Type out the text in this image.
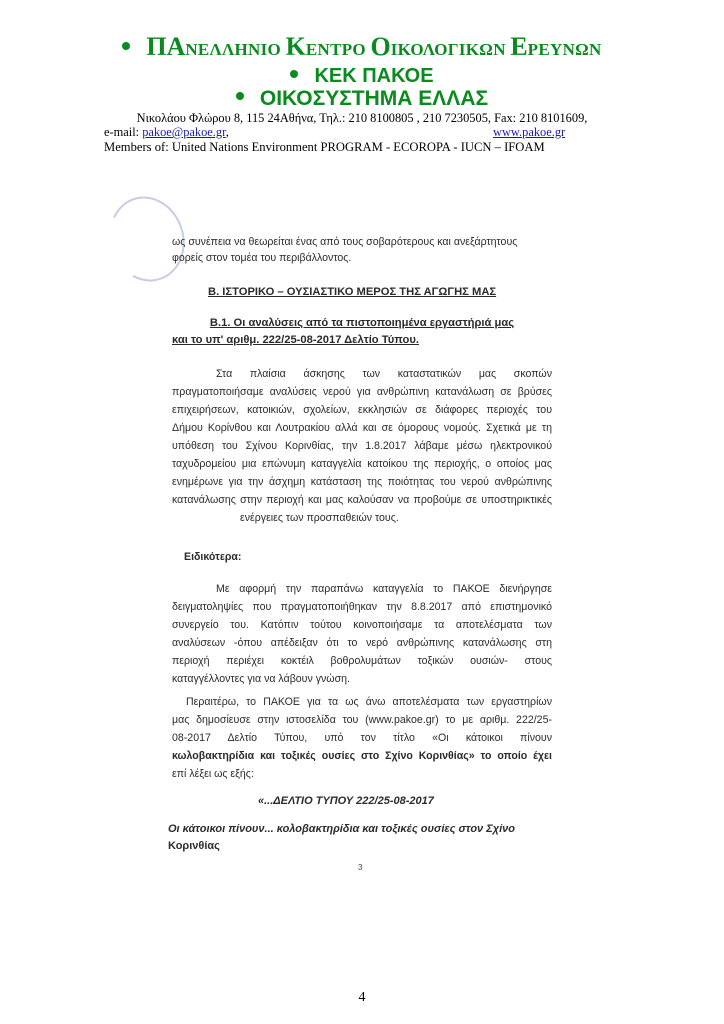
ΠΑΝΕΛΛΗΝΙΟ ΚΕΝΤΡΟ ΟΙΚΟΛΟΓΙΚΩΝ ΕΡΕΥΝΩΝ
ΚΕΚ ΠΑΚΟΕ
ΟΙΚΟΣΥΣΤΗΜΑ ΕΛΛΑΣ
Νικολάου Φλώρου 8, 115 24Αθήνα, Τηλ.: 210 8100805 , 210 7230505, Fax: 210 8101609,
e-mail: pakoe@pakoe.gr,	www.pakoe.gr
Members of: United Nations Environment PROGRAM - ECOROPA - IUCN – IFOAM
ως συνέπεια να θεωρείται ένας από τους σοβαρότερους και ανεξάρτητους
φορείς στον τομέα του περιβάλλοντος.
Β. ΙΣΤΟΡΙΚΟ – ΟΥΣΙΑΣΤΙΚΟ ΜΕΡΟΣ ΤΗΣ ΑΓΩΓΗΣ ΜΑΣ
Β.1. Οι αναλύσεις από τα πιστοποιημένα εργαστήριά μας
και το υπ' αριθμ. 222/25-08-2017 Δελτίο Τύπου.
Στα πλαίσια άσκησης των καταστατικών μας σκοπών
πραγματοποιήσαμε αναλύσεις νερού για ανθρώπινη κατανάλωση σε βρύσες
επιχειρήσεων, κατοικιών, σχολείων, εκκλησιών σε διάφορες περιοχές του
Δήμου Κορίνθου και Λουτρακίου αλλά και σε όμορους νομούς. Σχετικά με τη
υπόθεση του Σχίνου Κορινθίας, την 1.8.2017 λάβαμε μέσω ηλεκτρονικού
ταχυδρομείου μια επώνυμη καταγγελία κατοίκου της περιοχής, ο οποίος μας
ενημέρωνε για την άσχημη κατάσταση της ποιότητας του νερού ανθρώπινης
κατανάλωσης στην περιοχή και μας καλούσαν να προβούμε σε υποστηρικτικές
ενέργειες των προσπαθειών τους.
Ειδικότερα:
Με αφορμή την παραπάνω καταγγελία το ΠΑΚΟΕ διενήργησε
δειγματοληψίες που πραγματοποιήθηκαν την 8.8.2017 από επιστημονικό
συνεργείο του. Κατόπιν τούτου κοινοποιήσαμε τα αποτελέσματα των
αναλύσεων -όπου απέδειξαν ότι το νερό ανθρώπινης κατανάλωσης στη
περιοχή περιέχει κοκτέιλ βοθρολυμάτων τοξικών ουσιών- στους
καταγγέλλοντες για να λάβουν γνώση.
Περαιτέρω, το ΠΑΚΟΕ για τα ως άνω αποτελέσματα των εργαστηρίων
μας δημοσίευσε στην ιστοσελίδα του (www.pakoe.gr) το με αριθμ. 222/25-
08-2017 Δελτίο Τύπου, υπό τον τίτλο «Οι κάτοικοι πίνουν
κωλοβακτηρίδια και τοξικές ουσίες στο Σχίνο Κορινθίας» το οποίο έχει
επί λέξει ως εξής:
«...ΔΕΛΤΙΟ ΤΥΠΟΥ 222/25-08-2017
Οι κάτοικοι πίνουν... κολοβακτηρίδια και τοξικές ουσίες στον Σχίνο
Κορινθίας
3
4
